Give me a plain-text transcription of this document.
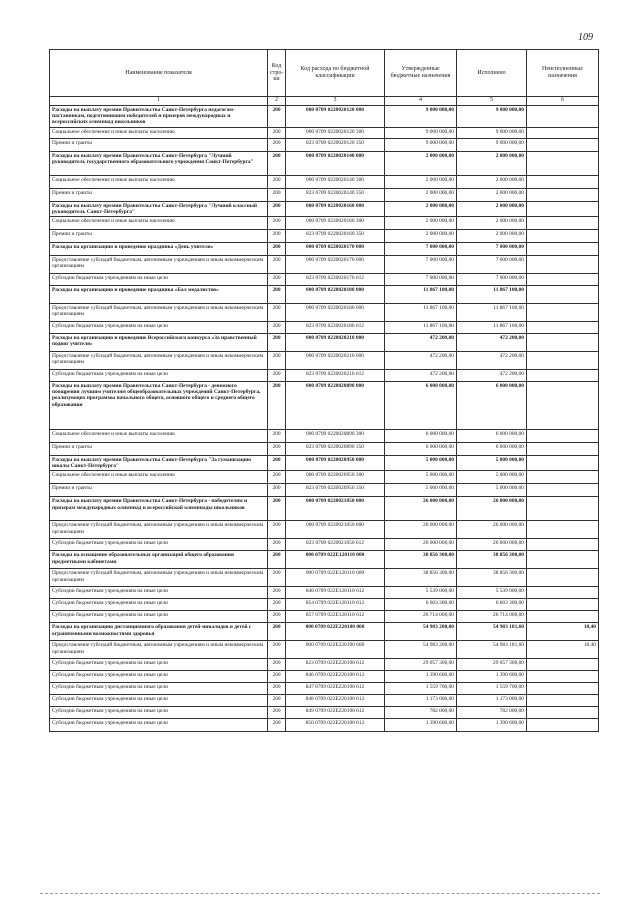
109
Наименование показателя	Код стро-ки	Код расхода по бюджетной классификации	Утвержденные бюджетные назначения	Исполнено	Неисполненные назначения
1	2	3	4	5	6
Расходы на выплату премии Правительства Санкт-Петербурга педагогам-наставникам, подготовившим победителей и призеров международных и всероссийских олимпиад школьников	200	000 0709 0220020120 000	9 000 000,00	9 000 000,00	
Социальное обеспечение и иные выплаты населению	200	000 0709 0220020120 300	9 000 000,00	9 000 000,00	
Премии и гранты	200	823 0709 0220020120 350	9 000 000,00	9 000 000,00	
Расходы на выплату премии Правительства Санкт-Петербурга "Лучший руководитель государственного образовательного учреждения Санкт-Петербурга"	200	000 0709 0220020140 000	2 000 000,00	2 000 000,00	
Социальное обеспечение и иные выплаты населению	200	000 0709 0220020140 300	2 000 000,00	2 000 000,00	
Премии и гранты	200	823 0709 0220020140 350	2 000 000,00	2 000 000,00	
Расходы на выплату премии Правительства Санкт-Петербурга "Лучший классный руководитель Санкт-Петербурга"	200	000 0709 0220020160 000	2 000 000,00	2 000 000,00	
Социальное обеспечение и иные выплаты населению	200	000 0709 0220020160 300	2 000 000,00	2 000 000,00	
Премии и гранты	200	823 0709 0220020160 350	2 000 000,00	2 000 000,00	
Расходы на организацию и проведение праздника «День учителя»	200	000 0709 0220020170 000	7 000 000,00	7 000 000,00	
Предоставление субсидий бюджетным, автономным учреждениям и иным некоммерческим организациям	200	000 0709 0220020170 600	7 000 000,00	7 000 000,00	
Субсидии бюджетным учреждениям на иные цели	200	823 0709 0220020170 612	7 000 000,00	7 000 000,00	
Расходы на организацию и проведение праздника «Бал медалистов»	200	000 0709 0220020180 000	11 867 100,00	11 867 100,00	
Предоставление субсидий бюджетным, автономным учреждениям и иным некоммерческим организациям	200	000 0709 0220020180 600	11 867 100,00	11 867 100,00	
Субсидии бюджетным учреждениям на иные цели	200	823 0709 0220020180 612	11 867 100,00	11 867 100,00	
Расходы на организацию и проведение Всероссийского конкурса «За нравственный подвиг учителя»	200	000 0709 0220020210 000	472 200,00	472 200,00	
Предоставление субсидий бюджетным, автономным учреждениям и иным некоммерческим организациям	200	000 0709 0220020210 600	472 200,00	472 200,00	
Субсидии бюджетным учреждениям на иные цели	200	823 0709 0220020210 612	472 200,00	472 200,00	
Расходы на выплату премии Правительства Санкт-Петербурга - денежного поощрения лучшим учителям общеобразовательных учреждений Санкт-Петербурга, реализующих программы начального общего, основного общего и среднего общего образования	200	000 0709 0220020890 000	6 000 000,00	6 000 000,00	
Социальное обеспечение и иные выплаты населению	200	000 0709 0220020890 300	6 000 000,00	6 000 000,00	
Премии и гранты	200	823 0709 0220020890 350	6 000 000,00	6 000 000,00	
Расходы на выплату премии Правительства Санкт-Петербурга "За гуманизацию школы Санкт-Петербурга"	200	000 0709 0220020950 000	5 000 000,00	5 000 000,00	
Социальное обеспечение и иные выплаты населению	200	000 0709 0220020950 300	5 000 000,00	5 000 000,00	
Премии и гранты	200	823 0709 0220020950 350	5 000 000,00	5 000 000,00	
Расходы на выплату премии Правительства Санкт-Петербурга - победителям и призерам международных олимпиад и всероссийской олимпиады школьников	200	000 0709 0220021050 000	26 000 000,00	26 000 000,00	
Предоставление субсидий бюджетным, автономным учреждениям и иным некоммерческим организациям	200	000 0709 0220021050 600	26 000 000,00	26 000 000,00	
Субсидии бюджетным учреждениям на иные цели	200	823 0709 0220021050 612	26 000 000,00	26 000 000,00	
Расходы на оснащение образовательных организаций общего образования предметными кабинетами	200	000 0709 022E120110 000	38 856 300,00	38 856 300,00	
Предоставление субсидий бюджетным, автономным учреждениям и иным некоммерческим организациям	200	000 0709 022E120110 600	38 856 300,00	38 856 300,00	
Субсидии бюджетным учреждениям на иные цели	200	846 0709 022E120110 612	5 539 000,00	5 539 000,00	
Субсидии бюджетным учреждениям на иные цели	200	854 0709 022E120110 612	6 603 300,00	6 603 300,00	
Субсидии бюджетным учреждениям на иные цели	200	857 0709 022E120110 612	26 714 000,00	26 714 000,00	
Расходы на организацию дистанционного образования детей-инвалидов и детей с ограниченными возможностями здоровья	200	000 0709 022E220100 000	54 983 200,00	54 983 181,60	18,40
Предоставление субсидий бюджетным, автономным учреждениям и иным некоммерческим организациям	200	000 0709 022E220100 600	54 983 200,00	54 983 181,60	18,40
Субсидии бюджетным учреждениям на иные цели	200	823 0709 022E220100 612	29 057 300,00	29 057 300,00	
Субсидии бюджетным учреждениям на иные цели	200	846 0709 022E220100 612	1 390 600,00	1 390 600,00	
Субсидии бюджетным учреждениям на иные цели	200	847 0709 022E220100 612	1 559 700,00	1 559 700,00	
Субсидии бюджетным учреждениям на иные цели	200	848 0709 022E220100 612	1 173 000,00	1 173 000,00	
Субсидии бюджетным учреждениям на иные цели	200	849 0709 022E220100 612	782 000,00	782 000,00	
Субсидии бюджетным учреждениям на иные цели	200	850 0709 022E220100 612	1 390 600,00	1 390 600,00	
